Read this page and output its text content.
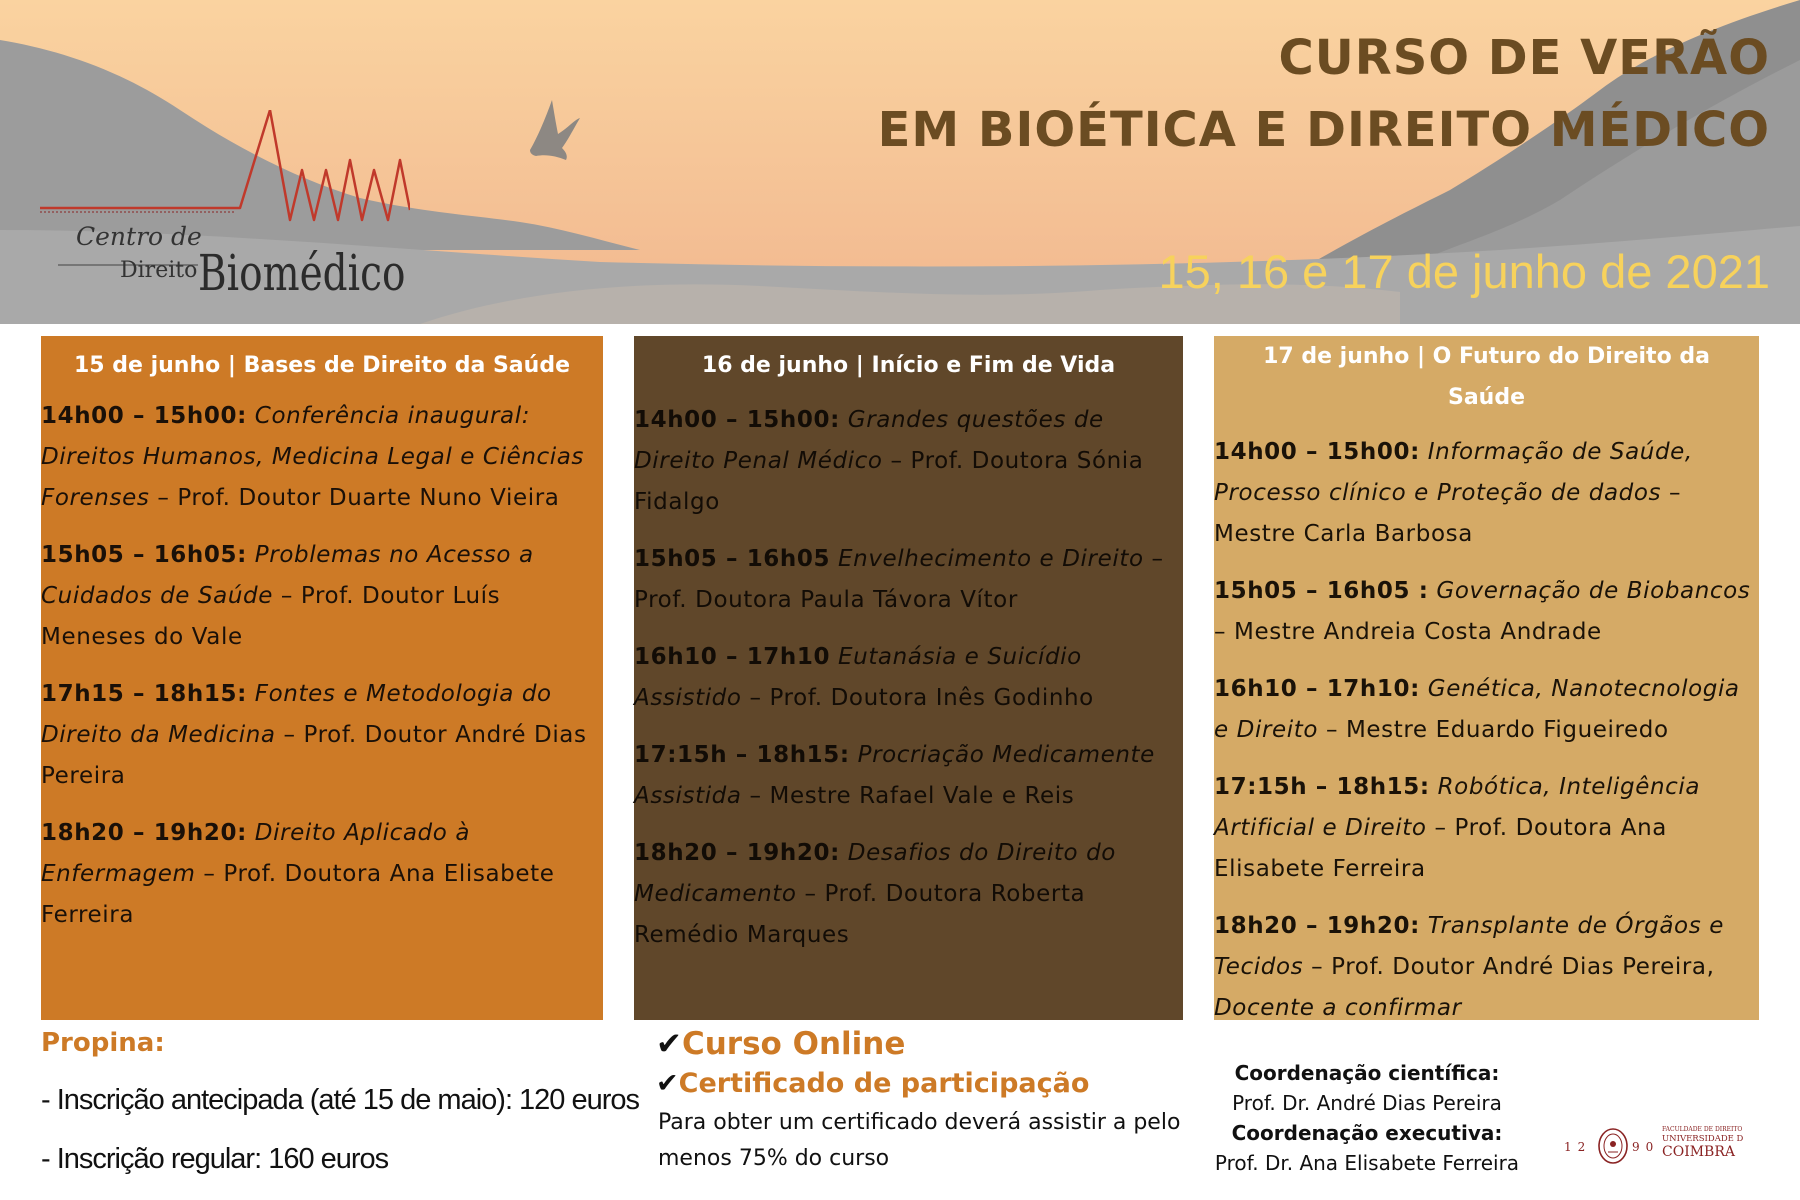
Centro de
Direito Biomédico
CURSO DE VERÃO
EM BIOÉTICA E DIREITO MÉDICO
15, 16 e 17 de junho de 2021
15 de junho | Bases de Direito da Saúde
14h00 – 15h00: Conferência inaugural: Direitos Humanos, Medicina Legal e Ciências Forenses – Prof. Doutor Duarte Nuno Vieira
15h05 – 16h05: Problemas no Acesso a Cuidados de Saúde – Prof. Doutor Luís Meneses do Vale
17h15 – 18h15: Fontes e Metodologia do Direito da Medicina – Prof. Doutor André Dias Pereira
18h20 – 19h20: Direito Aplicado à Enfermagem – Prof. Doutora Ana Elisabete Ferreira
16 de junho | Início e Fim de Vida
14h00 – 15h00: Grandes questões de Direito Penal Médico – Prof. Doutora Sónia Fidalgo
15h05 – 16h05 Envelhecimento e Direito – Prof. Doutora Paula Távora Vítor
16h10 – 17h10 Eutanásia e Suicídio Assistido – Prof. Doutora Inês Godinho
17:15h – 18h15: Procriação Medicamente Assistida – Mestre Rafael Vale e Reis
18h20 – 19h20: Desafios do Direito do Medicamento – Prof. Doutora Roberta Remédio Marques
17 de junho | O Futuro do Direito da Saúde
14h00 – 15h00: Informação de Saúde, Processo clínico e Proteção de dados – Mestre Carla Barbosa
15h05 – 16h05 : Governação de Biobancos – Mestre Andreia Costa Andrade
16h10 – 17h10: Genética, Nanotecnologia e Direito – Mestre Eduardo Figueiredo
17:15h – 18h15: Robótica, Inteligência Artificial e Direito – Prof. Doutora Ana Elisabete Ferreira
18h20 – 19h20: Transplante de Órgãos e Tecidos – Prof. Doutor André Dias Pereira, Docente a confirmar
Propina:
- Inscrição antecipada (até 15 de maio): 120 euros
- Inscrição regular: 160 euros
✔Curso Online
✔Certificado de participação
Para obter um certificado deverá assistir a pelo menos 75% do curso
Coordenação científica:
Prof. Dr. André Dias Pereira
Coordenação executiva:
Prof. Dr. Ana Elisabete Ferreira
12	90
FACULDADE DE DIREITO
UNIVERSIDADE D
COIMBRA
